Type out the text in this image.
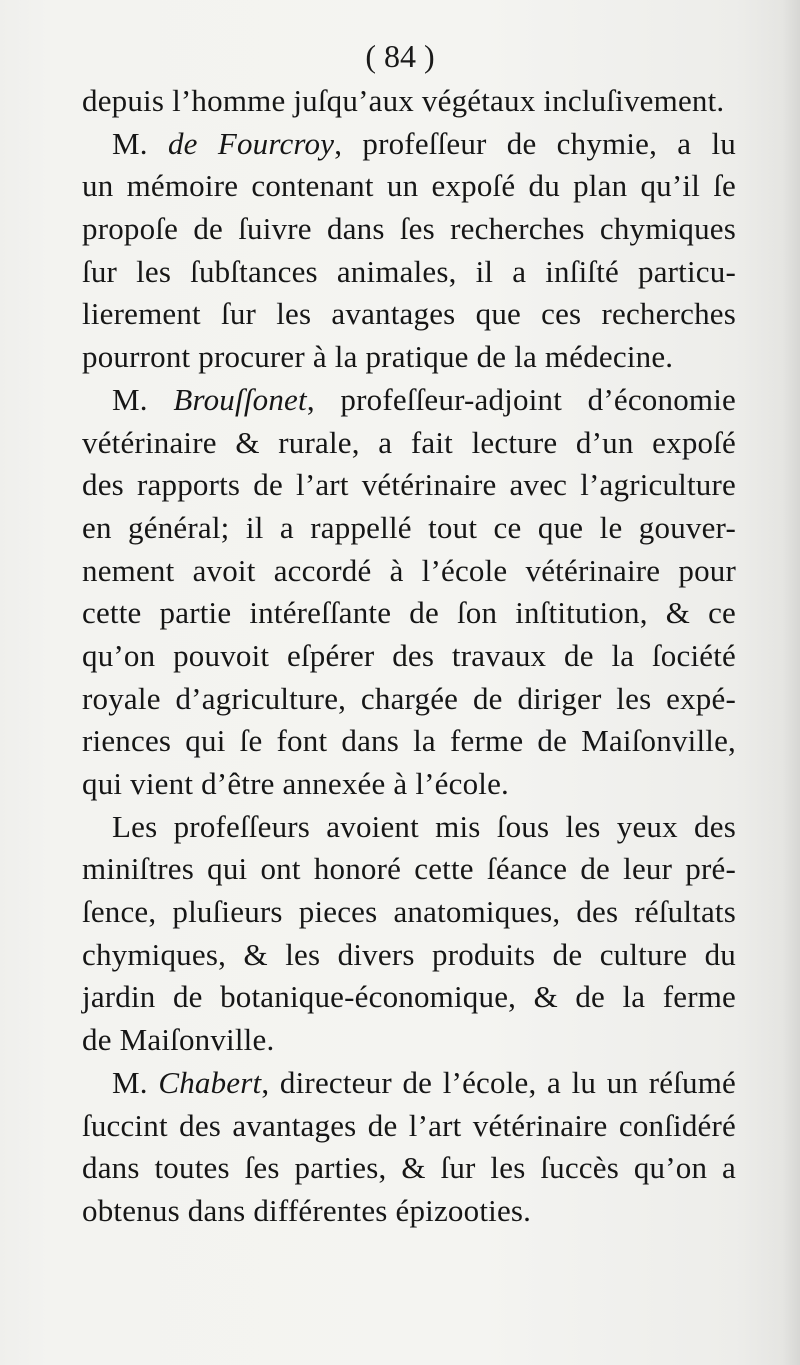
( 84 )
depuis l’homme juſqu’aux végétaux incluſivement.
M. de Fourcroy, profeſſeur de chymie, a lu
un mémoire contenant un expoſé du plan qu’il ſe
propoſe de ſuivre dans ſes recherches chymiques
ſur les ſubſtances animales, il a inſiſté particu-
lierement ſur les avantages que ces recherches
pourront procurer à la pratique de la médecine.
M. Brouſſonet, profeſſeur-adjoint d’économie
vétérinaire & rurale, a fait lecture d’un expoſé
des rapports de l’art vétérinaire avec l’agriculture
en général; il a rappellé tout ce que le gouver-
nement avoit accordé à l’école vétérinaire pour
cette partie intéreſſante de ſon inſtitution, & ce
qu’on pouvoit eſpérer des travaux de la ſociété
royale d’agriculture, chargée de diriger les expé-
riences qui ſe font dans la ferme de Maiſonville,
qui vient d’être annexée à l’école.
Les profeſſeurs avoient mis ſous les yeux des
miniſtres qui ont honoré cette ſéance de leur pré-
ſence, pluſieurs pieces anatomiques, des réſultats
chymiques, & les divers produits de culture du
jardin de botanique-économique, & de la ferme
de Maiſonville.
M. Chabert, directeur de l’école, a lu un réſumé
ſuccint des avantages de l’art vétérinaire conſidéré
dans toutes ſes parties, & ſur les ſuccès qu’on a
obtenus dans différentes épizooties.
